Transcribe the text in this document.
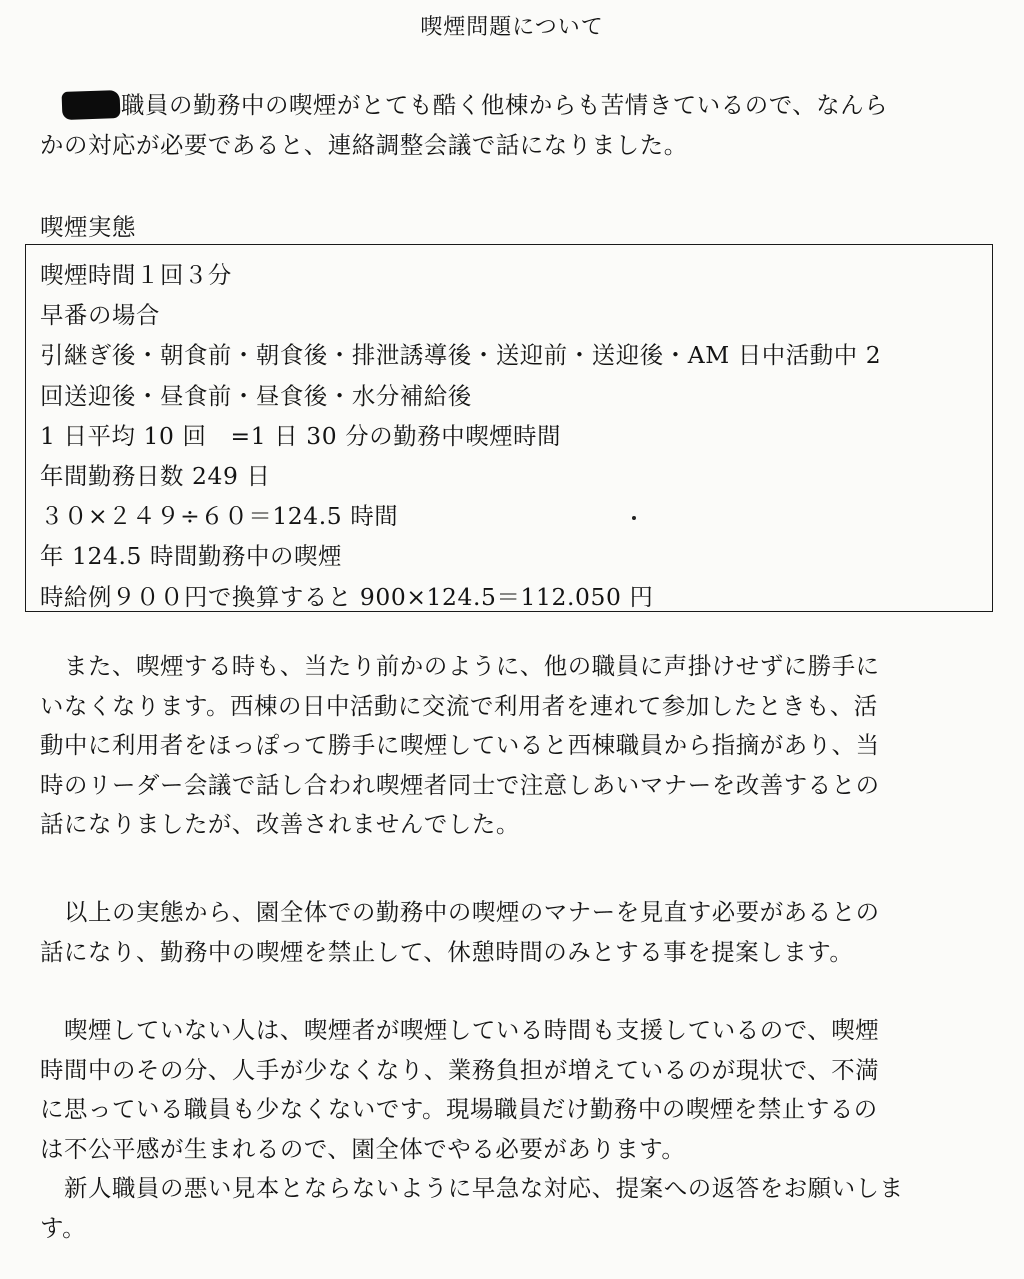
喫煙問題について
職員の勤務中の喫煙がとても酷く他棟からも苦情きているので、なんら
かの対応が必要であると、連絡調整会議で話になりました。
喫煙実態
喫煙時間１回３分
早番の場合
引継ぎ後・朝食前・朝食後・排泄誘導後・送迎前・送迎後・AM 日中活動中 2
回送迎後・昼食前・昼食後・水分補給後
1 日平均 10 回　=1 日 30 分の勤務中喫煙時間
年間勤務日数 249 日
３０×２４９÷６０＝124.5 時間
年 124.5 時間勤務中の喫煙
時給例９００円で換算すると 900×124.5＝112.050 円
また、喫煙する時も、当たり前かのように、他の職員に声掛けせずに勝手に
いなくなります。西棟の日中活動に交流で利用者を連れて参加したときも、活
動中に利用者をほっぽって勝手に喫煙していると西棟職員から指摘があり、当
時のリーダー会議で話し合われ喫煙者同士で注意しあいマナーを改善するとの
話になりましたが、改善されませんでした。
以上の実態から、園全体での勤務中の喫煙のマナーを見直す必要があるとの
話になり、勤務中の喫煙を禁止して、休憩時間のみとする事を提案します。
喫煙していない人は、喫煙者が喫煙している時間も支援しているので、喫煙
時間中のその分、人手が少なくなり、業務負担が増えているのが現状で、不満
に思っている職員も少なくないです。現場職員だけ勤務中の喫煙を禁止するの
は不公平感が生まれるので、園全体でやる必要があります。
新人職員の悪い見本とならないように早急な対応、提案への返答をお願いしま
す。
